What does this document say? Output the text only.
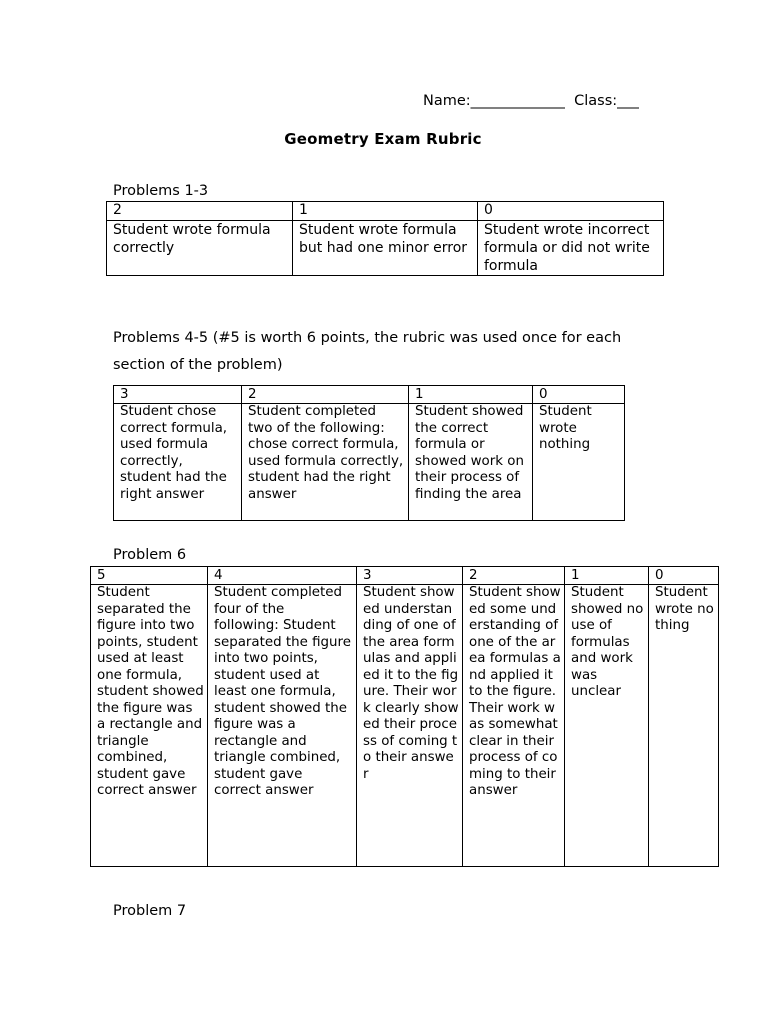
Name:_____________  Class:___
Geometry Exam Rubric
Problems 1-3
2	1	0
Student wrote formula correctly	Student wrote formula but had one minor error	Student wrote incorrect formula or did not write formula
Problems 4-5 (#5 is worth 6 points, the rubric was used once for each
section of the problem)
3	2	1	0
Student chose correct formula, used formula correctly, student had the right answer	Student completed two of the following: chose correct formula, used formula correctly, student had the right answer	Student showed the correct formula or showed work on their process of finding the area	Student wrote nothing
Problem 6
5	4	3	2	1	0
Student separated the figure into two points, student used at least one formula, student showed the figure was a rectangle and triangle combined, student gave correct answer	Student completed four of the following: Student separated the figure into two points, student used at least one formula, student showed the figure was a rectangle and triangle combined, student gave correct answer	Student showed understanding of one of the area formulas and applied it to the figure. Their work clearly showed their process of coming to their answer	Student showed some understanding of one of the area formulas and applied it to the figure. Their work was somewhat clear in their process of coming to their answer	Student showed no use of formulas and work was unclear	Student wrote nothing
Problem 7
